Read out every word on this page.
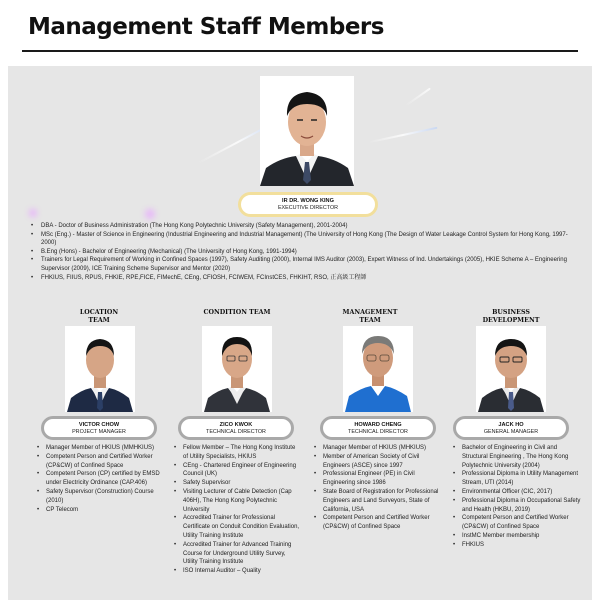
Management Staff Members
IR DR. WONG KING
EXECUTIVE DIRECTOR
• DBA - Doctor of Business Administration (The Hong Kong Polytechnic University (Safety Management), 2001-2004)
• MSc (Eng.) - Master of Science in Engineering (Industrial Engineering and Industrial Management) (The University of Hong Kong (The Design of Water Leakage Control System for Hong Kong, 1997-2000)
• B.Eng (Hons) - Bachelor of Engineering (Mechanical) (The University of Hong Kong, 1991-1994)
• Trainers for Legal Requirement of Working in Confined Spaces (1997), Safety Auditing (2000), Internal IMS Auditor (2003), Expert Witness of Ind. Undertakings (2005), HKIE Scheme A – Engineering Supervisor (2009), ICE Training Scheme Supervisor and Mentor (2020)
• FHKIUS, FIIUS, RPUS, FHKIE, RPE,FICE, FIMechE, CEng, CFIOSH, FCIWEM, FCInstCES, FHKIHT, RSO, 正高級工程師
LOCATION
TEAM
VICTOR CHOW
PROJECT MANAGER
• Manager Member of HKIUS (MMHKIUS)
• Competent Person and Certified Worker (CP&CW) of Confined Space
• Competent Person (CP) certified by EMSD under Electricity Ordinance (CAP.406)
• Safety Supervisor (Construction) Course (2010)
• CP Telecom
CONDITION TEAM
ZICO KWOK
TECHNICAL DIRECTOR
• Fellow Member – The Hong Kong Institute of Utility Specialists, HKIUS
• CEng - Chartered Engineer of Engineering Council (UK)
• Safety Supervisor
• Visiting Lecturer of Cable Detection (Cap 406H), The Hong Kong Polytechnic University
• Accredited Trainer for Professional Certificate on Conduit Condition Evaluation, Utility Training Institute
• Accredited Trainer for Advanced Training Course for Underground Utility Survey, Utility Training Institute
• ISO Internal Auditor – Quality
MANAGEMENT
TEAM
HOWARD CHENG
TECHNICAL DIRECTOR
• Manager Member of HKIUS (MHKIUS)
• Member of American Society of Civil Engineers (ASCE) since 1997
• Professional Engineer (PE) in Civil Engineering since 1986
• State Board of Registration for Professional Engineers and Land Surveyors, State of California, USA
• Competent Person and Certified Worker (CP&CW) of Confined Space
BUSINESS
DEVELOPMENT
JACK HO
GENERAL MANAGER
• Bachelor of Engineering in Civil and Structural Engineering , The Hong Kong Polytechnic University (2004)
• Professional Diploma in Utility Management Stream, UTI (2014)
• Environmental Officer (CIC, 2017)
• Professional Diploma in Occupational Safety and Health (HKBU, 2019)
• Competent Person and Certified Worker (CP&CW) of Confined Space
• InstMC Member membership
• FHKIUS
